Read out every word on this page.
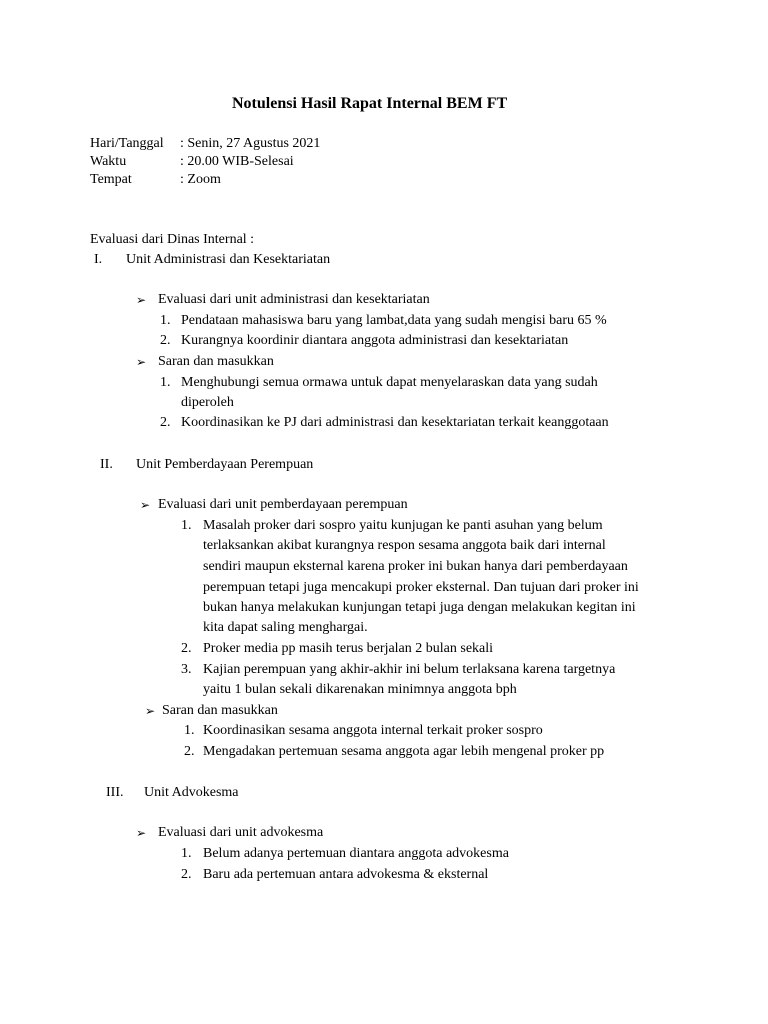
Notulensi Hasil Rapat Internal BEM FT
Hari/Tanggal : Senin, 27 Agustus 2021
Waktu	: 20.00 WIB-Selesai
Tempat	: Zoom
Evaluasi dari Dinas Internal :
I. Unit Administrasi dan Kesektariatan
➢ Evaluasi dari unit administrasi dan kesektariatan
1. Pendataan mahasiswa baru yang lambat,data yang sudah mengisi baru 65 %
2. Kurangnya koordinir diantara anggota administrasi dan kesektariatan
➢ Saran dan masukkan
1. Menghubungi semua ormawa untuk dapat menyelaraskan data yang sudah
diperoleh
2. Koordinasikan ke PJ dari administrasi dan kesektariatan terkait keanggotaan
II. Unit Pemberdayaan Perempuan
➢ Evaluasi dari unit pemberdayaan perempuan
1. Masalah proker dari sospro yaitu kunjugan ke panti asuhan yang belum
terlaksankan akibat kurangnya respon sesama anggota baik dari internal
sendiri maupun eksternal karena proker ini bukan hanya dari pemberdayaan
perempuan tetapi juga mencakupi proker eksternal. Dan tujuan dari proker ini
bukan hanya melakukan kunjungan tetapi juga dengan melakukan kegitan ini
kita dapat saling menghargai.
2. Proker media pp masih terus berjalan 2 bulan sekali
3. Kajian perempuan yang akhir-akhir ini belum terlaksana karena targetnya
yaitu 1 bulan sekali dikarenakan minimnya anggota bph
➢ Saran dan masukkan
1. Koordinasikan sesama anggota internal terkait proker sospro
2. Mengadakan pertemuan sesama anggota agar lebih mengenal proker pp
III. Unit Advokesma
➢ Evaluasi dari unit advokesma
1. Belum adanya pertemuan diantara anggota advokesma
2. Baru ada pertemuan antara advokesma & eksternal
